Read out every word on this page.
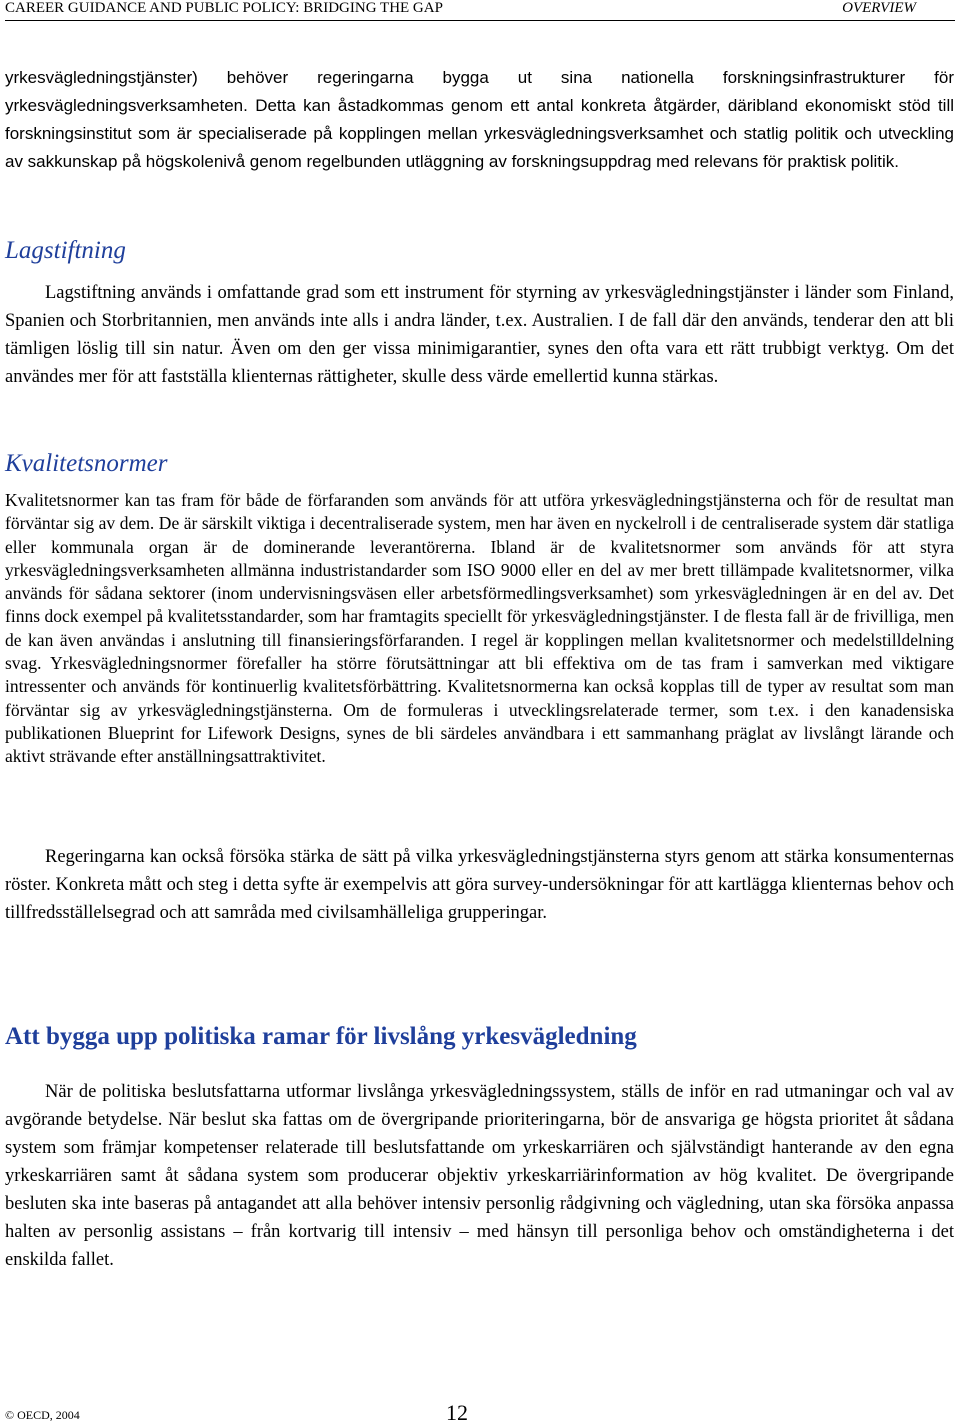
CAREER GUIDANCE AND PUBLIC POLICY: BRIDGING THE GAP	OVERVIEW

yrkesvägledningstjänster) behöver regeringarna bygga ut sina nationella forskningsinfrastrukturer för yrkesvägledningsverksamheten. Detta kan åstadkommas genom ett antal konkreta åtgärder, däribland ekonomiskt stöd till forskningsinstitut som är specialiserade på kopplingen mellan yrkesvägledningsverksamhet och statlig politik och utveckling av sakkunskap på högskolenivå genom regelbunden utläggning av forskningsuppdrag med relevans för praktisk politik.

Lagstiftning

Lagstiftning används i omfattande grad som ett instrument för styrning av yrkesvägledningstjänster i länder som Finland, Spanien och Storbritannien, men används inte alls i andra länder, t.ex. Australien. I de fall där den används, tenderar den att bli tämligen löslig till sin natur. Även om den ger vissa minimigarantier, synes den ofta vara ett rätt trubbigt verktyg. Om det användes mer för att fastställa klienternas rättigheter, skulle dess värde emellertid kunna stärkas.

Kvalitetsnormer

Kvalitetsnormer kan tas fram för både de förfaranden som används för att utföra yrkesvägledningstjänsterna och för de resultat man förväntar sig av dem. De är särskilt viktiga i decentraliserade system, men har även en nyckelroll i de centraliserade system där statliga eller kommunala organ är de dominerande leverantörerna. Ibland är de kvalitetsnormer som används för att styra yrkesvägledningsverksamheten allmänna industristandarder som ISO 9000 eller en del av mer brett tillämpade kvalitetsnormer, vilka används för sådana sektorer (inom undervisningsväsen eller arbetsförmedlingsverksamhet) som yrkesvägledningen är en del av. Det finns dock exempel på kvalitetsstandarder, som har framtagits speciellt för yrkesvägledningstjänster. I de flesta fall är de frivilliga, men de kan även användas i anslutning till finansieringsförfaranden. I regel är kopplingen mellan kvalitetsnormer och medelstilldelning svag. Yrkesvägledningsnormer förefaller ha större förutsättningar att bli effektiva om de tas fram i samverkan med viktigare intressenter och används för kontinuerlig kvalitetsförbättring. Kvalitetsnormerna kan också kopplas till de typer av resultat som man förväntar sig av yrkesvägledningstjänsterna. Om de formuleras i utvecklingsrelaterade termer, som t.ex. i den kanadensiska publikationen Blueprint for Lifework Designs, synes de bli särdeles användbara i ett sammanhang präglat av livslångt lärande och aktivt strävande efter anställningsattraktivitet.

Regeringarna kan också försöka stärka de sätt på vilka yrkesvägledningstjänsterna styrs genom att stärka konsumenternas röster. Konkreta mått och steg i detta syfte är exempelvis att göra survey-undersökningar för att kartlägga klienternas behov och tillfredsställelsegrad och att samråda med civilsamhälleliga grupperingar.

Att bygga upp politiska ramar för livslång yrkesvägledning

När de politiska beslutsfattarna utformar livslånga yrkesvägledningssystem, ställs de inför en rad utmaningar och val av avgörande betydelse. När beslut ska fattas om de övergripande prioriteringarna, bör de ansvariga ge högsta prioritet åt sådana system som främjar kompetenser relaterade till beslutsfattande om yrkeskarriären och självständigt hanterande av den egna yrkeskarriären samt åt sådana system som producerar objektiv yrkeskarriärinformation av hög kvalitet. De övergripande besluten ska inte baseras på antagandet att alla behöver intensiv personlig rådgivning och vägledning, utan ska försöka anpassa halten av personlig assistans – från kortvarig till intensiv – med hänsyn till personliga behov och omständigheterna i det enskilda fallet.

© OECD, 2004	12
